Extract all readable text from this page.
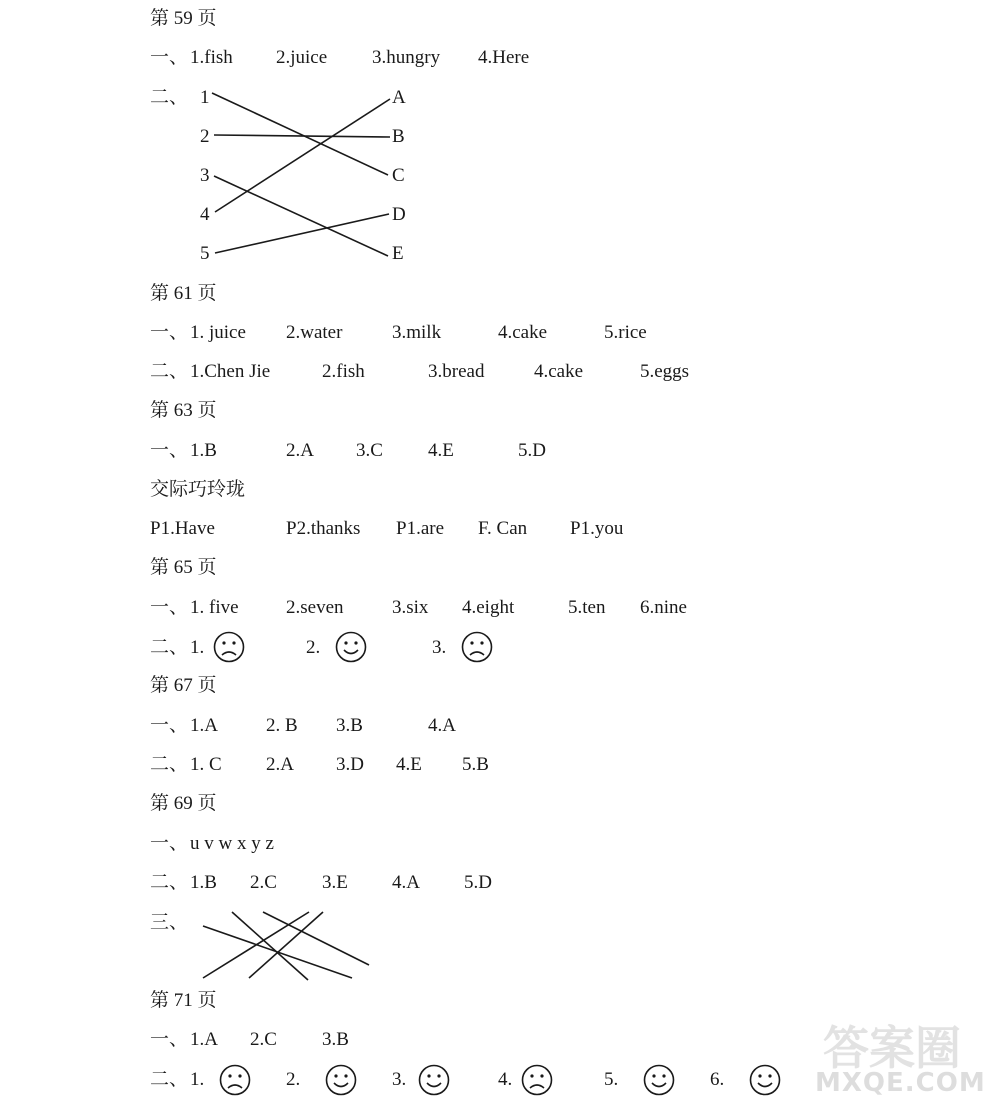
第 59 页
一、 1.fish 2.juice 3.hungry 4.Here
二、 1
2
3
4
5
A
B
C
D
E
第 61 页
一、 1. juice 2.water	3.milk	4.cake	5.rice
二、 1.Chen Jie	2.fish	3.bread	4.cake	5.eggs
第 63 页
一、 1.B	2.A 3.C 4.E	5.D
交际巧玲珑
P1.Have	P2.thanks P1.are F. Can P1.you
第 65 页
一、 1. five 2.seven	3.six 4.eight	5.ten 6.nine
二、 1.	2.	3.
第 67 页
一、 1.A	2. B 3.B	4.A
二、 1. C 2.A 3.D 4.E 5.B
第 69 页
一、 u v w x y z
二、 1.B 2.C 3.E 4.A 5.D
三、
第 71 页
一、 1.A 2.C 3.B
二、 1.	2.	3.	4.	5.	6.
答案圈
MXQE.COM
